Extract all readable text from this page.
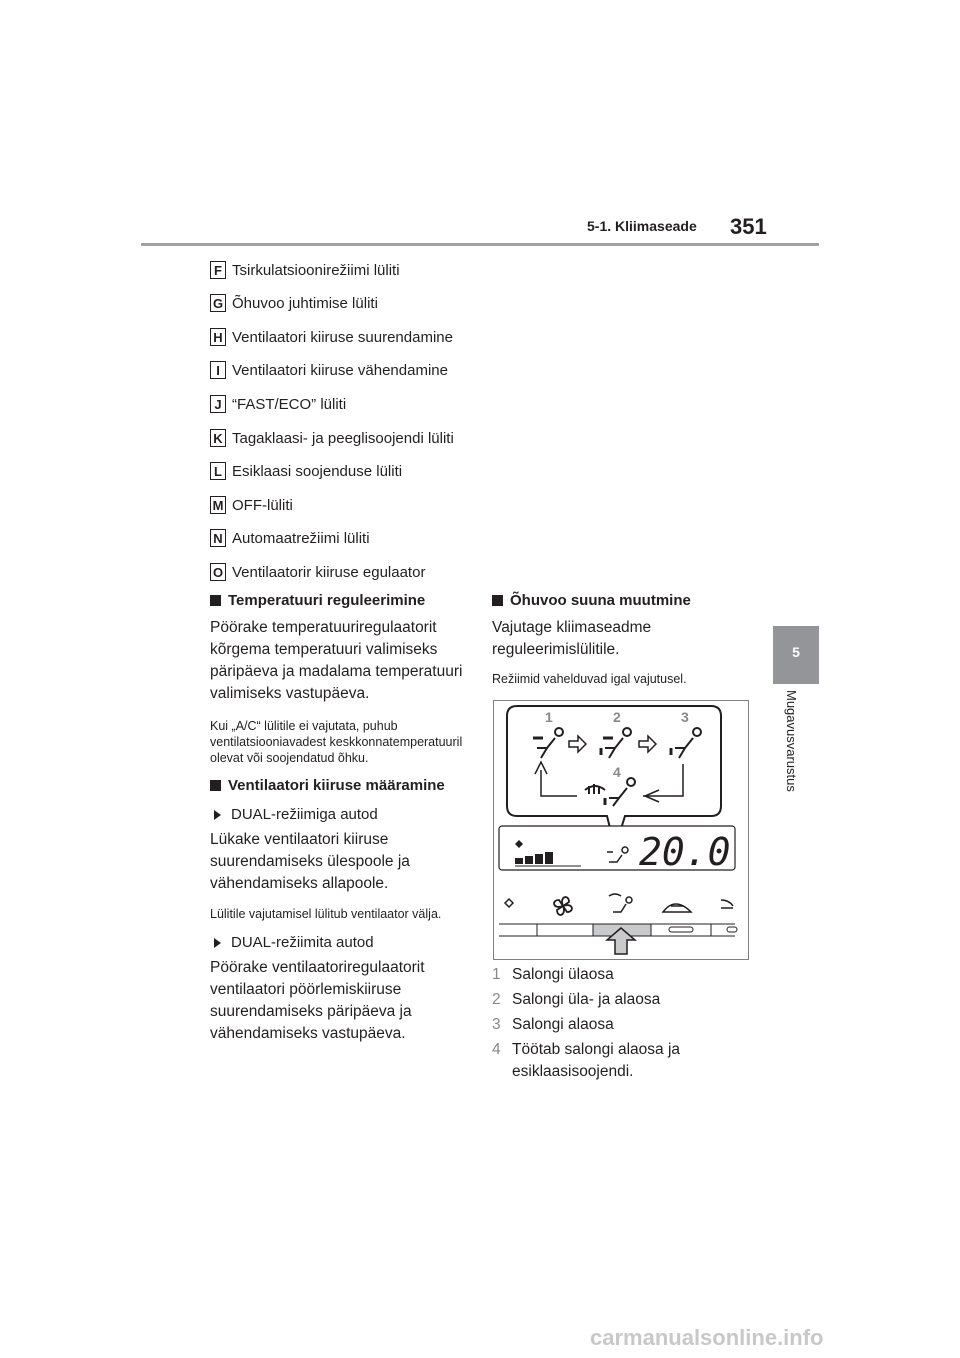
5-1. Kliimaseade 351
5
Mugavusvarustus
F Tsirkulatsioonirežiimi lüliti
G Õhuvoo juhtimise lüliti
H Ventilaatori kiiruse suurendamine
I Ventilaatori kiiruse vähendamine
J “FAST/ECO” lüliti
K Tagaklaasi- ja peeglisoojendi lüliti
L Esiklaasi soojenduse lüliti
M OFF-lüliti
N Automaatrežiimi lüliti
O Ventilaatorir kiiruse egulaator
Temperatuuri reguleerimine
Pöörake temperatuuriregulaatorit kõrgema temperatuuri valimiseks päripäeva ja madalama temperatuuri valimiseks vastupäeva.
Kui „A/C“ lülitile ei vajutata, puhub ventilatsiooniavadest keskkonnatemperatuuril olevat või soojendatud õhku.
Ventilaatori kiiruse määramine
DUAL-režiimiga autod
Lükake ventilaatori kiiruse suurendamiseks ülespoole ja vähendamiseks allapoole.
Lülitile vajutamisel lülitub ventilaator välja.
DUAL-režiimita autod
Pöörake ventilaatoriregulaatorit ventilaatori pöörlemiskiiruse suurendamiseks päripäeva ja vähendamiseks vastupäeva.
Õhuvoo suuna muutmine
Vajutage kliimaseadme reguleerimislülitile.
Režiimid vahelduvad igal vajutusel.
1	2	3
4
20.0
1 Salongi ülaosa
2 Salongi üla- ja alaosa
3 Salongi alaosa
4 Töötab salongi alaosa ja esiklaasisoojendi.
carmanualsonline.info
